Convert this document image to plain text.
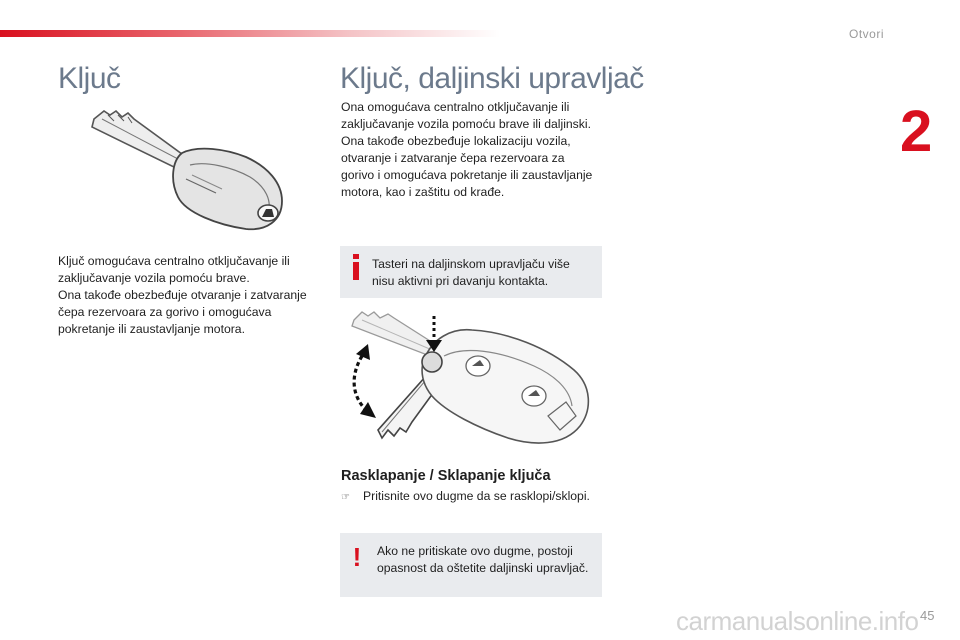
Otvori
2
Ključ
Ključ omogućava centralno otključavanje ili
zaključavanje vozila pomoću brave.
Ona takođe obezbeđuje otvaranje i zatvaranje
čepa rezervoara za gorivo i omogućava
pokretanje ili zaustavljanje motora.
Ključ, daljinski upravljač
Ona omogućava centralno otključavanje ili
zaključavanje vozila pomoću brave ili daljinski.
Ona takođe obezbeđuje lokalizaciju vozila,
otvaranje i zatvaranje čepa rezervoara za
gorivo i omogućava pokretanje ili zaustavljanje
motora, kao i zaštitu od krađe.
Tasteri na daljinskom upravljaču više nisu aktivni pri davanju kontakta.
Rasklapanje / Sklapanje ključa
☞ Pritisnite ovo dugme da se rasklopi/sklopi.
!	Ako ne pritiskate ovo dugme, postoji opasnost da oštetite daljinski upravljač.
carmanualsonline.info 45
